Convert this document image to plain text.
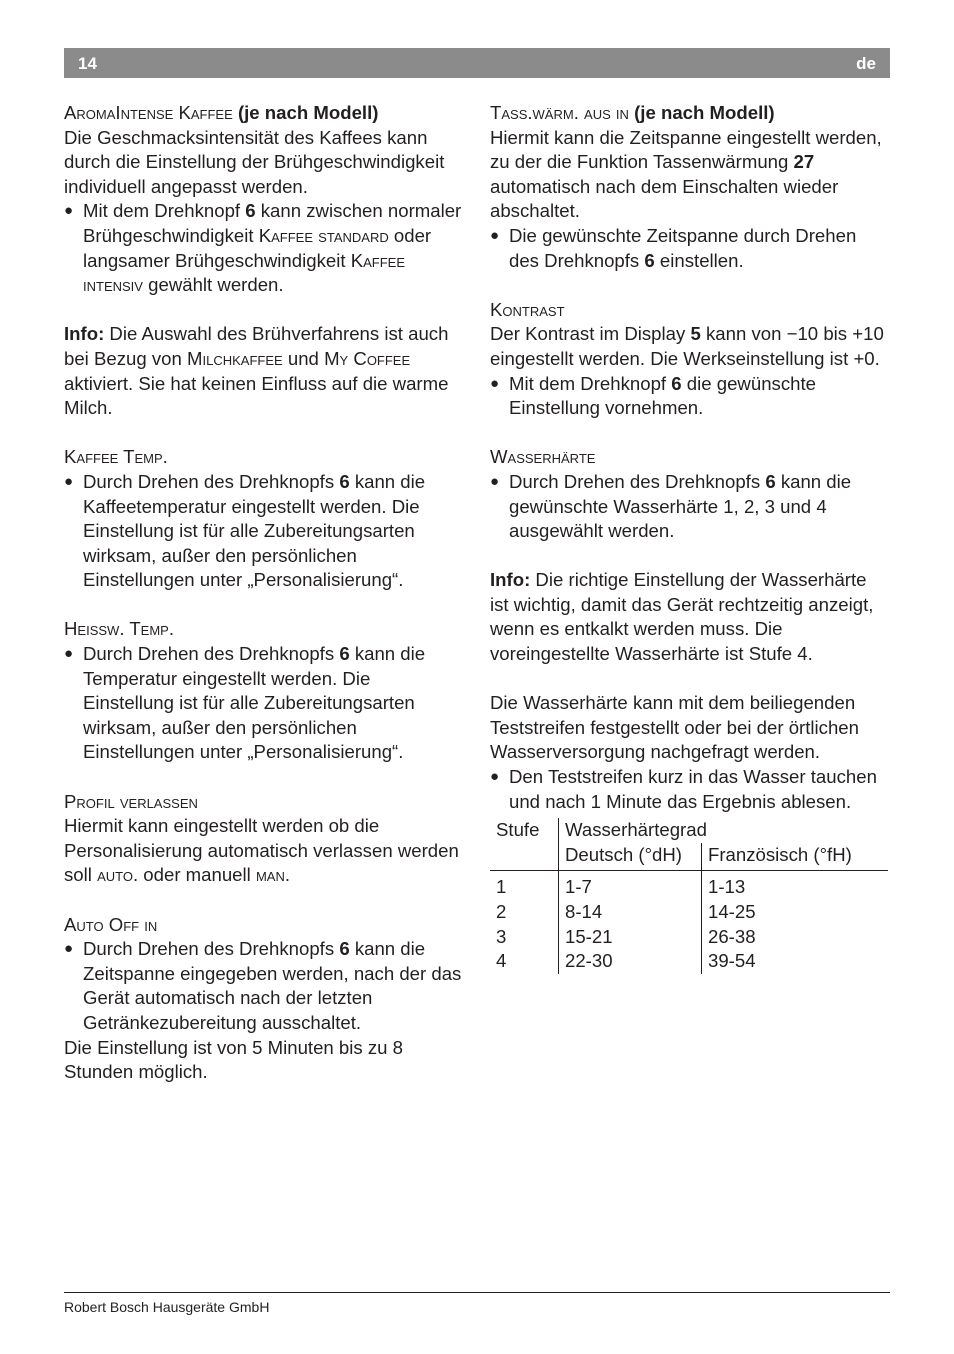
14	de

AromaIntense Kaffee (je nach Modell)

Die Geschmacksintensität des Kaffees kann durch die Einstellung der Brühgeschwindigkeit individuell angepasst werden.

● Mit dem Drehknopf 6 kann zwischen normaler Brühgeschwindigkeit Kaffee standard oder langsamer Brühgeschwindigkeit Kaffee intensiv gewählt werden.

Info: Die Auswahl des Brühverfahrens ist auch bei Bezug von Milchkaffee und My Coffee aktiviert. Sie hat keinen Einfluss auf die warme Milch.

Kaffee Temp.

● Durch Drehen des Drehknopfs 6 kann die Kaffeetemperatur eingestellt werden. Die Einstellung ist für alle Zubereitungsarten wirksam, außer den persönlichen Einstellungen unter „Personalisierung“.

Heissw. Temp.

● Durch Drehen des Drehknopfs 6 kann die Temperatur eingestellt werden. Die Einstellung ist für alle Zubereitungsarten wirksam, außer den persönlichen Einstellungen unter „Personalisierung“.

Profil verlassen

Hiermit kann eingestellt werden ob die Personalisierung automatisch verlassen werden soll auto. oder manuell man.

Auto Off in

● Durch Drehen des Drehknopfs 6 kann die Zeitspanne eingegeben werden, nach der das Gerät automatisch nach der letzten Getränkezubereitung ausschaltet.

Die Einstellung ist von 5 Minuten bis zu 8 Stunden möglich.

Tass.wärm. aus in (je nach Modell)

Hiermit kann die Zeitspanne eingestellt werden, zu der die Funktion Tassenwärmung 27 automatisch nach dem Einschalten wieder abschaltet.

● Die gewünschte Zeitspanne durch Drehen des Drehknopfs 6 einstellen.

Kontrast

Der Kontrast im Display 5 kann von −10 bis +10 eingestellt werden. Die Werkseinstellung ist +0.

● Mit dem Drehknopf 6 die gewünschte Einstellung vornehmen.

Wasserhärte

● Durch Drehen des Drehknopfs 6 kann die gewünschte Wasserhärte 1, 2, 3 und 4 ausgewählt werden.

Info: Die richtige Einstellung der Wasserhärte ist wichtig, damit das Gerät rechtzeitig anzeigt, wenn es entkalkt werden muss. Die voreingestellte Wasserhärte ist Stufe 4.

Die Wasserhärte kann mit dem beiliegenden Teststreifen festgestellt oder bei der örtlichen Wasserversorgung nachgefragt werden.

● Den Teststreifen kurz in das Wasser tauchen und nach 1 Minute das Ergebnis ablesen.
Stufe	Wasserhärtegrad	
	Deutsch (°dH)	Französisch (°fH)
1	1-7	1-13
2	8-14	14-25
3	15-21	26-38
4	22-30	39-54
Robert Bosch Hausgeräte GmbH
